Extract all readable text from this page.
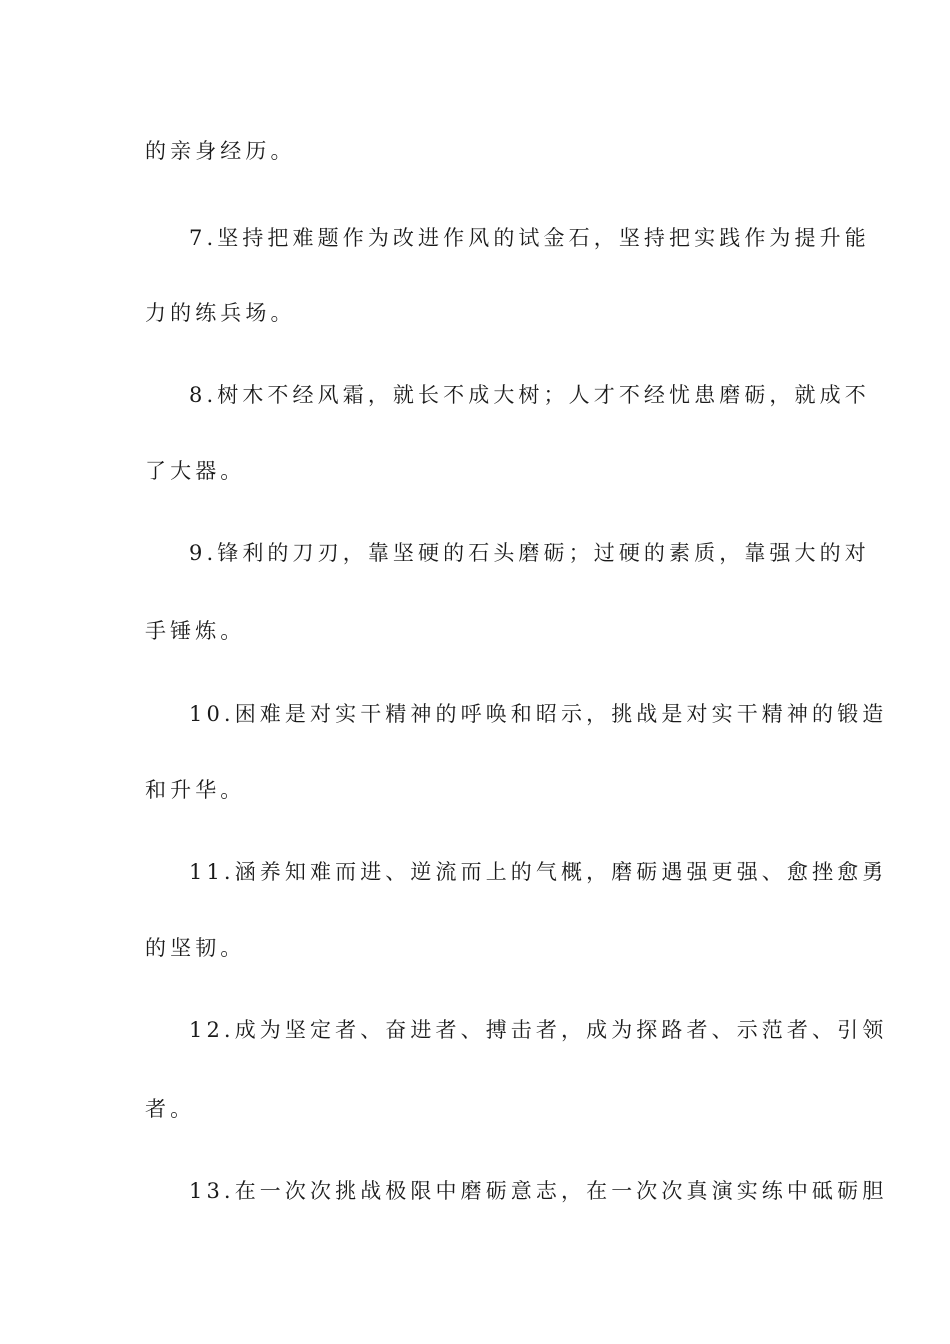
的亲身经历。
7.坚持把难题作为改进作风的试金石，坚持把实践作为提升能
力的练兵场。
8.树木不经风霜，就长不成大树；人才不经忧患磨砺，就成不
了大器。
9.锋利的刀刃，靠坚硬的石头磨砺；过硬的素质，靠强大的对
手锤炼。
10.困难是对实干精神的呼唤和昭示，挑战是对实干精神的锻造
和升华。
11.涵养知难而进、逆流而上的气概，磨砺遇强更强、愈挫愈勇
的坚韧。
12.成为坚定者、奋进者、搏击者，成为探路者、示范者、引领
者。
13.在一次次挑战极限中磨砺意志，在一次次真演实练中砥砺胆
